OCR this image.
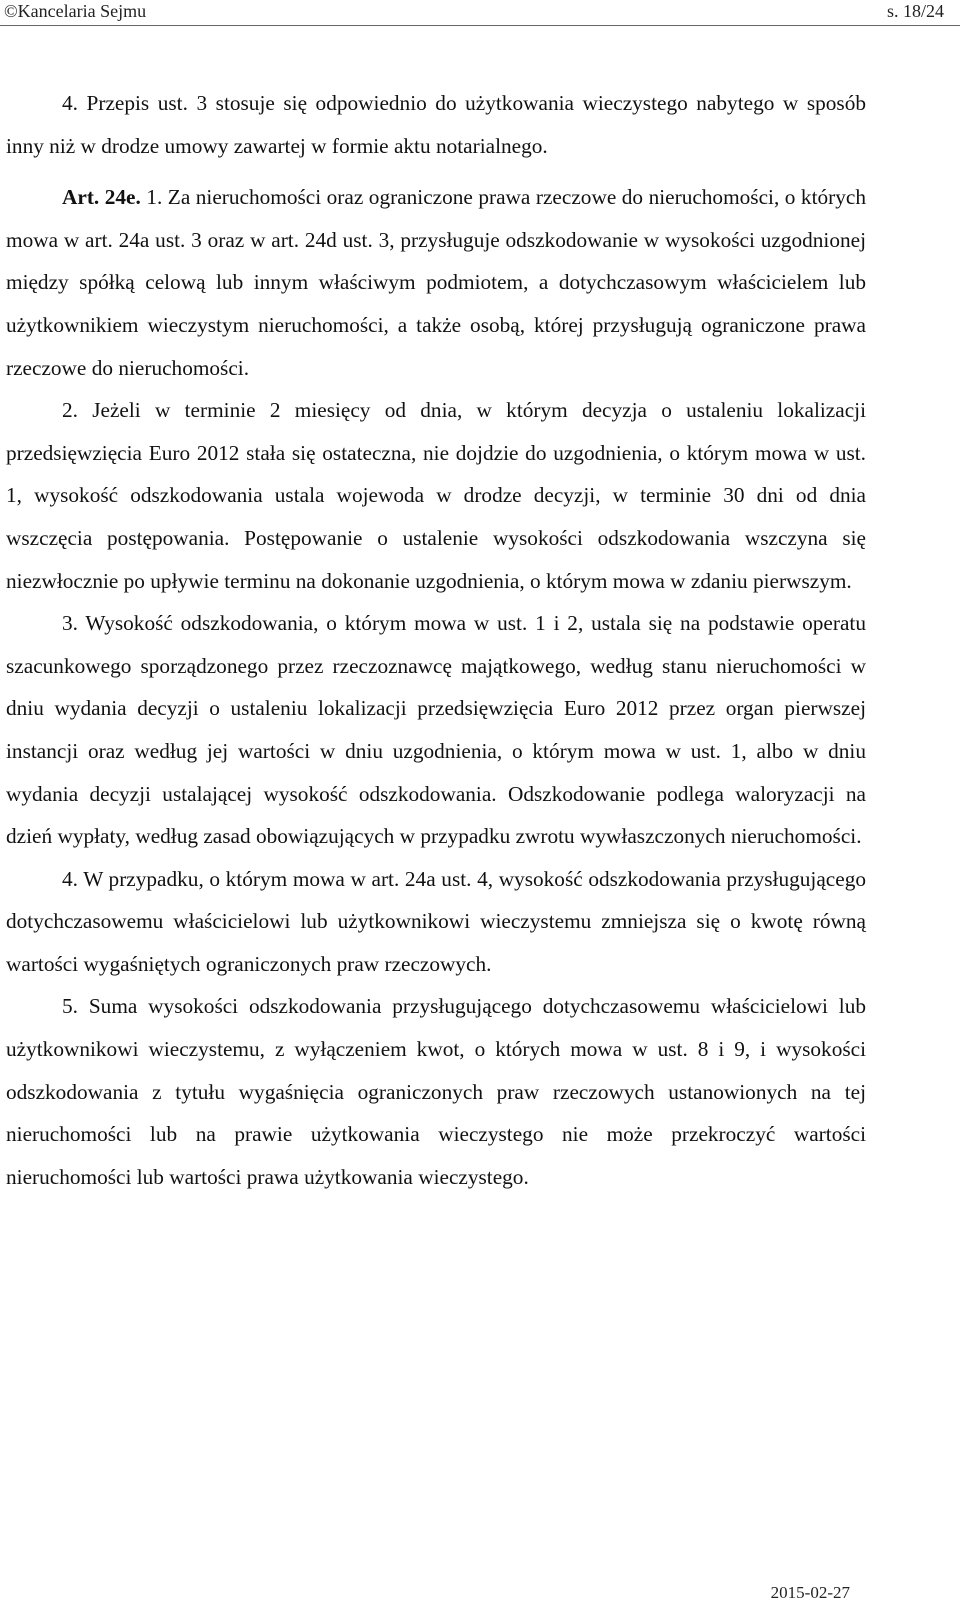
©Kancelaria Sejmu	s. 18/24

4. Przepis ust. 3 stosuje się odpowiednio do użytkowania wieczystego nabytego w sposób inny niż w drodze umowy zawartej w formie aktu notarialnego.

Art. 24e. 1. Za nieruchomości oraz ograniczone prawa rzeczowe do nieruchomości, o których mowa w art. 24a ust. 3 oraz w art. 24d ust. 3, przysługuje odszkodowanie w wysokości uzgodnionej między spółką celową lub innym właściwym podmiotem, a dotychczasowym właścicielem lub użytkownikiem wieczystym nieruchomości, a także osobą, której przysługują ograniczone prawa rzeczowe do nieruchomości.

2. Jeżeli w terminie 2 miesięcy od dnia, w którym decyzja o ustaleniu lokalizacji przedsięwzięcia Euro 2012 stała się ostateczna, nie dojdzie do uzgodnienia, o którym mowa w ust. 1, wysokość odszkodowania ustala wojewoda w drodze decyzji, w terminie 30 dni od dnia wszczęcia postępowania. Postępowanie o ustalenie wysokości odszkodowania wszczyna się niezwłocznie po upływie terminu na dokonanie uzgodnienia, o którym mowa w zdaniu pierwszym.

3. Wysokość odszkodowania, o którym mowa w ust. 1 i 2, ustala się na podstawie operatu szacunkowego sporządzonego przez rzeczoznawcę majątkowego, według stanu nieruchomości w dniu wydania decyzji o ustaleniu lokalizacji przedsięwzięcia Euro 2012 przez organ pierwszej instancji oraz według jej wartości w dniu uzgodnienia, o którym mowa w ust. 1, albo w dniu wydania decyzji ustalającej wysokość odszkodowania. Odszkodowanie podlega waloryzacji na dzień wypłaty, według zasad obowiązujących w przypadku zwrotu wywłaszczonych nieruchomości.

4. W przypadku, o którym mowa w art. 24a ust. 4, wysokość odszkodowania przysługującego dotychczasowemu właścicielowi lub użytkownikowi wieczystemu zmniejsza się o kwotę równą wartości wygaśniętych ograniczonych praw rzeczowych.

5. Suma wysokości odszkodowania przysługującego dotychczasowemu właścicielowi lub użytkownikowi wieczystemu, z wyłączeniem kwot, o których mowa w ust. 8 i 9, i wysokości odszkodowania z tytułu wygaśnięcia ograniczonych praw rzeczowych ustanowionych na tej nieruchomości lub na prawie użytkowania wieczystego nie może przekroczyć wartości nieruchomości lub wartości prawa użytkowania wieczystego.

2015-02-27
